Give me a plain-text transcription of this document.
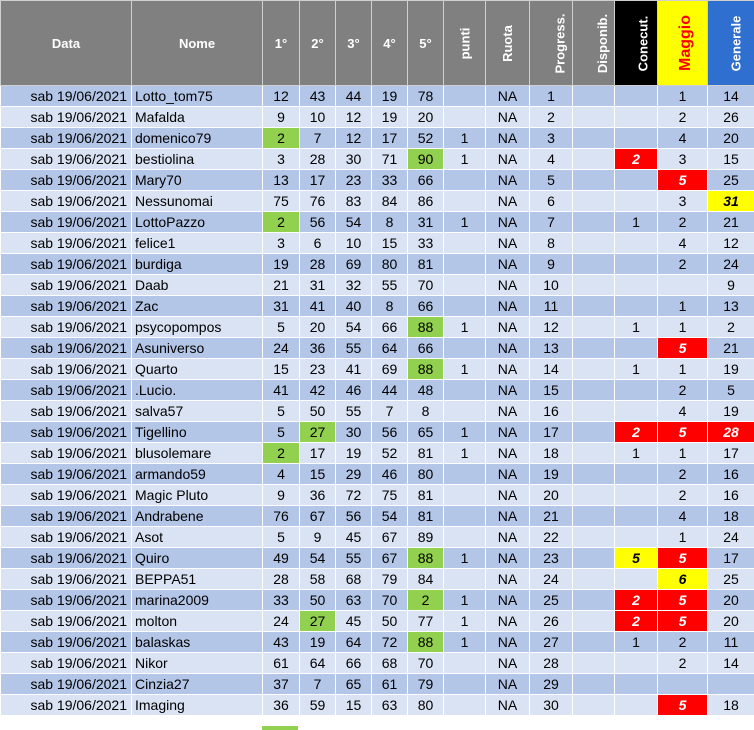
Data	Nome	1°	2°	3°	4°	5°	punti	Ruota	Progress.	Disponib.	Conecut.	Maggio	Generale
sab 19/06/2021	Lotto_tom75	12	43	44	19	78		NA	1			1	14
sab 19/06/2021	Mafalda	9	10	12	19	20		NA	2			2	26
sab 19/06/2021	domenico79	2	7	12	17	52	1	NA	3			4	20
sab 19/06/2021	bestiolina	3	28	30	71	90	1	NA	4		2	3	15
sab 19/06/2021	Mary70	13	17	23	33	66		NA	5			5	25
sab 19/06/2021	Nessunomai	75	76	83	84	86		NA	6			3	31
sab 19/06/2021	LottoPazzo	2	56	54	8	31	1	NA	7		1	2	21
sab 19/06/2021	felice1	3	6	10	15	33		NA	8			4	12
sab 19/06/2021	burdiga	19	28	69	80	81		NA	9			2	24
sab 19/06/2021	Daab	21	31	32	55	70		NA	10				9
sab 19/06/2021	Zac	31	41	40	8	66		NA	11			1	13
sab 19/06/2021	psycopompos	5	20	54	66	88	1	NA	12		1	1	2
sab 19/06/2021	Asuniverso	24	36	55	64	66		NA	13			5	21
sab 19/06/2021	Quarto	15	23	41	69	88	1	NA	14		1	1	19
sab 19/06/2021	.Lucio.	41	42	46	44	48		NA	15			2	5
sab 19/06/2021	salva57	5	50	55	7	8		NA	16			4	19
sab 19/06/2021	Tigellino	5	27	30	56	65	1	NA	17		2	5	28
sab 19/06/2021	blusolemare	2	17	19	52	81	1	NA	18		1	1	17
sab 19/06/2021	armando59	4	15	29	46	80		NA	19			2	16
sab 19/06/2021	Magic Pluto	9	36	72	75	81		NA	20			2	16
sab 19/06/2021	Andrabene	76	67	56	54	81		NA	21			4	18
sab 19/06/2021	Asot	5	9	45	67	89		NA	22			1	24
sab 19/06/2021	Quiro	49	54	55	67	88	1	NA	23		5	5	17
sab 19/06/2021	BEPPA51	28	58	68	79	84		NA	24			6	25
sab 19/06/2021	marina2009	33	50	63	70	2	1	NA	25		2	5	20
sab 19/06/2021	molton	24	27	45	50	77	1	NA	26		2	5	20
sab 19/06/2021	balaskas	43	19	64	72	88	1	NA	27		1	2	11
sab 19/06/2021	Nikor	61	64	66	68	70		NA	28			2	14
sab 19/06/2021	Cinzia27	37	7	65	61	79		NA	29				
sab 19/06/2021	Imaging	36	59	15	63	80		NA	30			5	18
